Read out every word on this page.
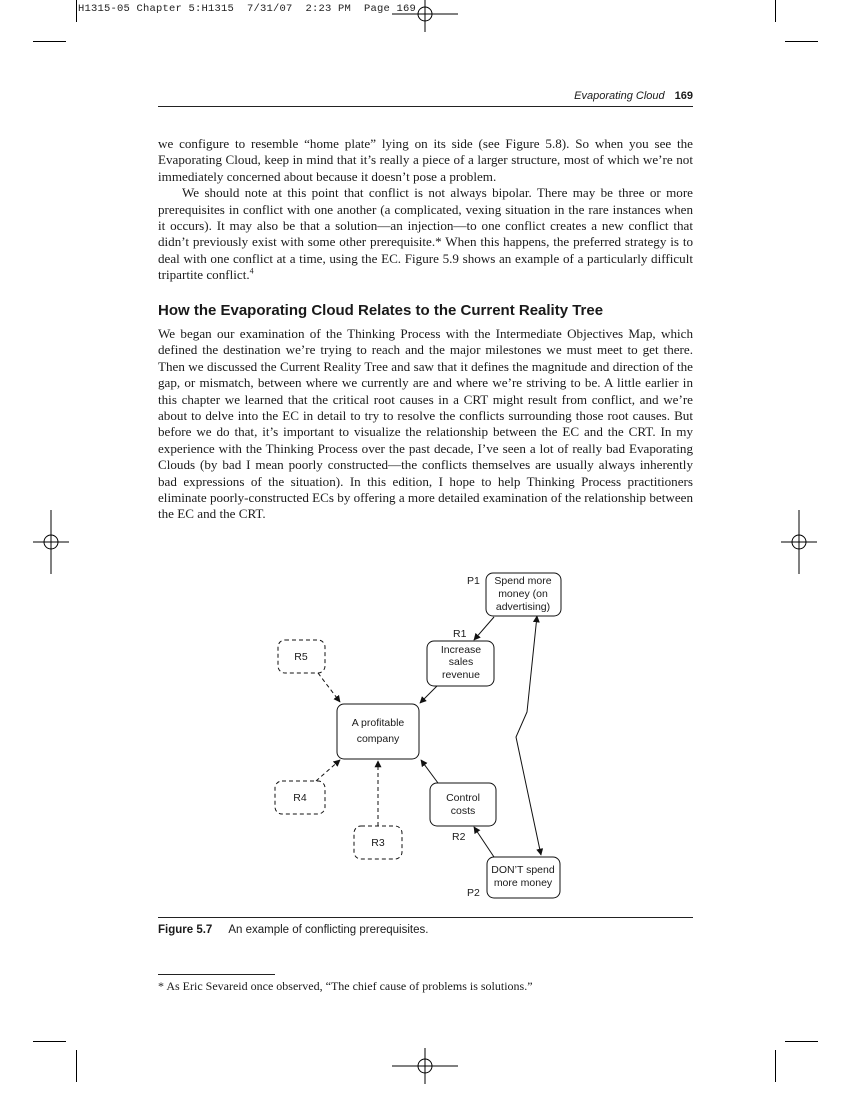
H1315-05 Chapter 5:H1315  7/31/07  2:23 PM  Page 169
Evaporating Cloud 169

we configure to resemble “home plate” lying on its side (see Figure 5.8). So when you see the Evaporating Cloud, keep in mind that it’s really a piece of a larger structure, most of which we’re not immediately concerned about because it doesn’t pose a problem.

We should note at this point that conflict is not always bipolar. There may be three or more prerequisites in conflict with one another (a complicated, vexing situation in the rare instances when it occurs). It may also be that a solution—an injection—to one conflict creates a new conflict that didn’t previously exist with some other prerequisite.* When this happens, the preferred strategy is to deal with one conflict at a time, using the EC. Figure 5.9 shows an example of a particularly difficult tripartite conflict.$^4$

How the Evaporating Cloud Relates to the Current Reality Tree

We began our examination of the Thinking Process with the Intermediate Objectives Map, which defined the destination we’re trying to reach and the major milestones we must meet to get there. Then we discussed the Current Reality Tree and saw that it defines the magnitude and direction of the gap, or mismatch, between where we currently are and where we’re striving to be. A little earlier in this chapter we learned that the critical root causes in a CRT might result from conflict, and we’re about to delve into the EC in detail to try to resolve the conflicts surrounding those root causes. But before we do that, it’s important to visualize the relationship between the EC and the CRT. In my experience with the Thinking Process over the past decade, I’ve seen a lot of really bad Evaporating Clouds (by bad I mean poorly constructed—the conflicts themselves are usually always inherently bad expressions of the situation). In this edition, I hope to help Thinking Process practitioners eliminate poorly-constructed ECs by offering a more detailed examination of the relationship between the EC and the CRT.

A profitable
company
Increase
sales
revenue
R1
Control
costs
R2
Spend more
money (on
advertising)
P1
DON’T spend
more money
P2
R5
R4
R3
Figure 5.7 An example of conflicting prerequisites.
* As Eric Sevareid once observed, “The chief cause of problems is solutions.”
